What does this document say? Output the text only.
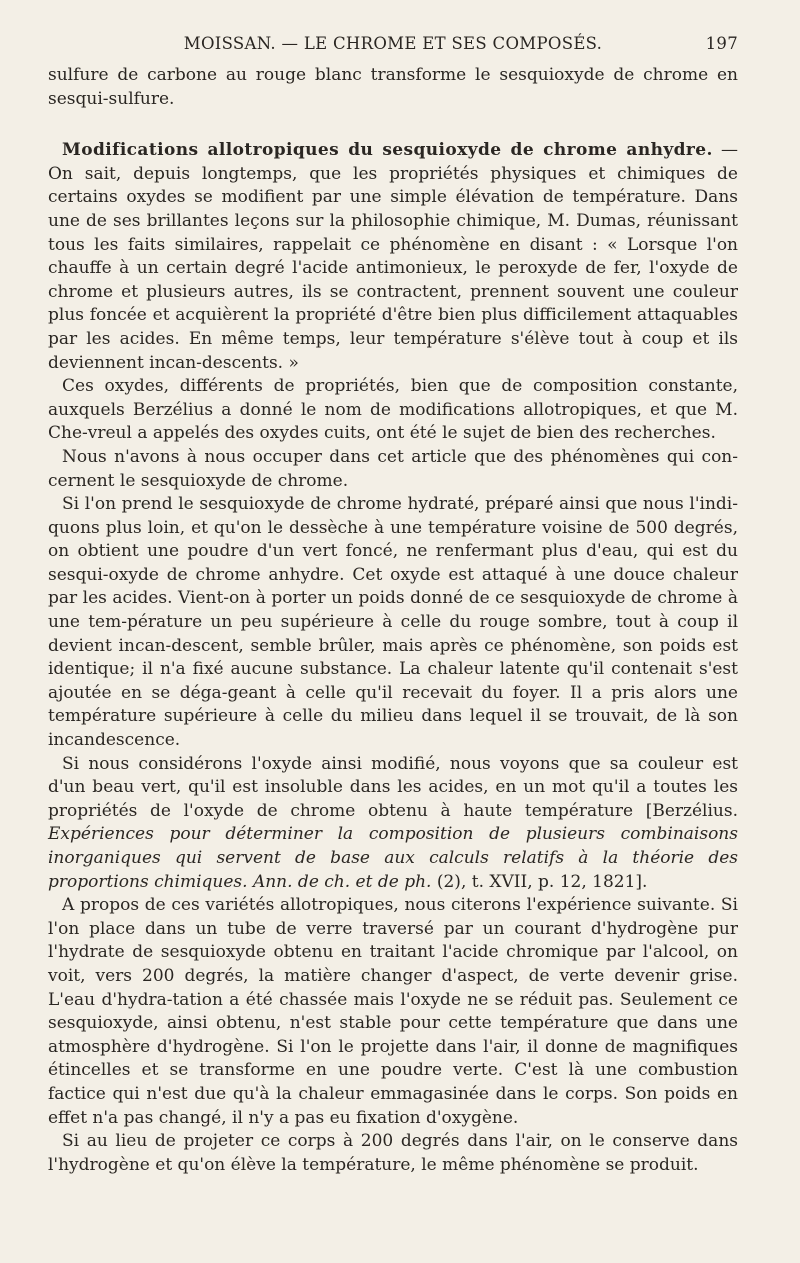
MOISSAN. — LE CHROME ET SES COMPOSÉS.	197

sulfure de carbone au rouge blanc transforme le sesquioxyde de chrome en sesqui-sulfure.

Modifications allotropiques du sesquioxyde de chrome anhydre. — On sait, depuis longtemps, que les propriétés physiques et chimiques de certains oxydes se modifient par une simple élévation de température. Dans une de ses brillantes leçons sur la philosophie chimique, M. Dumas, réunissant tous les faits similaires, rappelait ce phénomène en disant : « Lorsque l'on chauffe à un certain degré l'acide antimonieux, le peroxyde de fer, l'oxyde de chrome et plusieurs autres, ils se contractent, prennent souvent une couleur plus foncée et acquièrent la propriété d'être bien plus difficilement attaquables par les acides. En même temps, leur température s'élève tout à coup et ils deviennent incan-descents. »

Ces oxydes, différents de propriétés, bien que de composition constante, auxquels Berzélius a donné le nom de modifications allotropiques, et que M. Che-vreul a appelés des oxydes cuits, ont été le sujet de bien des recherches.

Nous n'avons à nous occuper dans cet article que des phénomènes qui con-cernent le sesquioxyde de chrome.

Si l'on prend le sesquioxyde de chrome hydraté, préparé ainsi que nous l'indi-quons plus loin, et qu'on le dessèche à une température voisine de 500 degrés, on obtient une poudre d'un vert foncé, ne renfermant plus d'eau, qui est du sesqui-oxyde de chrome anhydre. Cet oxyde est attaqué à une douce chaleur par les acides. Vient-on à porter un poids donné de ce sesquioxyde de chrome à une tem-pérature un peu supérieure à celle du rouge sombre, tout à coup il devient incan-descent, semble brûler, mais après ce phénomène, son poids est identique; il n'a fixé aucune substance. La chaleur latente qu'il contenait s'est ajoutée en se déga-geant à celle qu'il recevait du foyer. Il a pris alors une température supérieure à celle du milieu dans lequel il se trouvait, de là son incandescence.

Si nous considérons l'oxyde ainsi modifié, nous voyons que sa couleur est d'un beau vert, qu'il est insoluble dans les acides, en un mot qu'il a toutes les propriétés de l'oxyde de chrome obtenu à haute température [Berzélius. Expériences pour déterminer la composition de plusieurs combinaisons inorganiques qui servent de base aux calculs relatifs à la théorie des proportions chimiques. Ann. de ch. et de ph. (2), t. XVII, p. 12, 1821].

A propos de ces variétés allotropiques, nous citerons l'expérience suivante. Si l'on place dans un tube de verre traversé par un courant d'hydrogène pur l'hydrate de sesquioxyde obtenu en traitant l'acide chromique par l'alcool, on voit, vers 200 degrés, la matière changer d'aspect, de verte devenir grise. L'eau d'hydra-tation a été chassée mais l'oxyde ne se réduit pas. Seulement ce sesquioxyde, ainsi obtenu, n'est stable pour cette température que dans une atmosphère d'hydrogène. Si l'on le projette dans l'air, il donne de magnifiques étincelles et se transforme en une poudre verte. C'est là une combustion factice qui n'est due qu'à la chaleur emmagasinée dans le corps. Son poids en effet n'a pas changé, il n'y a pas eu fixation d'oxygène.

Si au lieu de projeter ce corps à 200 degrés dans l'air, on le conserve dans l'hydrogène et qu'on élève la température, le même phénomène se produit.
